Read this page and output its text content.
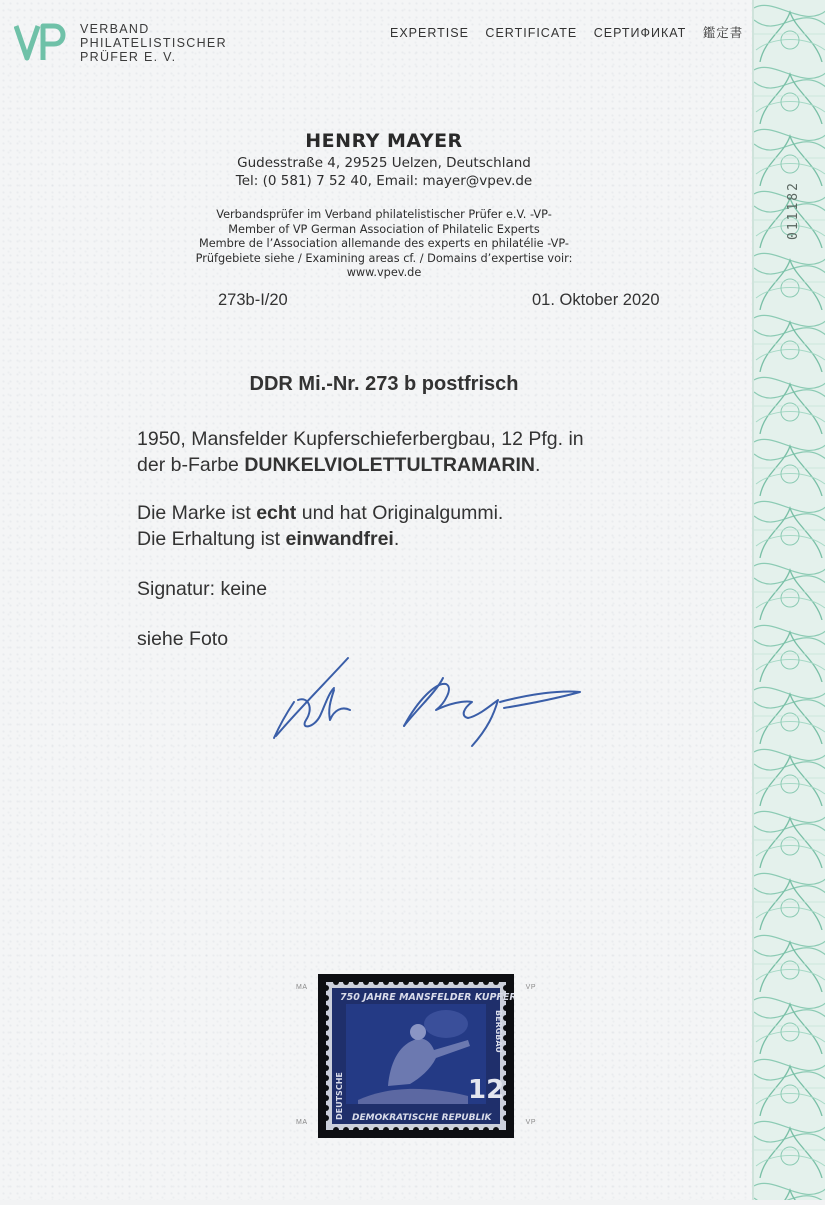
011182
VERBAND
PHILATELISTISCHER
PRÜFER E. V.
EXPERTISE CERTIFICATE СЕРТИФИКАТ 鑑定書
HENRY MAYER
Gudesstraße 4, 29525 Uelzen, Deutschland
Tel: (0 581) 7 52 40, Email: mayer@vpev.de
Verbandsprüfer im Verband philatelistischer Prüfer e.V. -VP-
Member of VP German Association of Philatelic Experts
Membre de l’Association allemande des experts en philatélie -VP-
Prüfgebiete siehe / Examining areas cf. / Domains d’expertise voir:
www.vpev.de
273b-I/20	01. Oktober 2020
DDR Mi.-Nr. 273 b postfrisch
1950, Mansfelder Kupferschieferbergbau, 12 Pfg. in
der b-Farbe DUNKELVIOLETTULTRAMARIN.
Die Marke ist echt und hat Originalgummi.
Die Erhaltung ist einwandfrei.
Signatur: keine
siehe Foto
MA	VP
MA	VP
750 JAHRE MANSFELDER KUPFER
12
BERGBAU
DEUTSCHE DEMOKRATISCHE REPUBLIK
